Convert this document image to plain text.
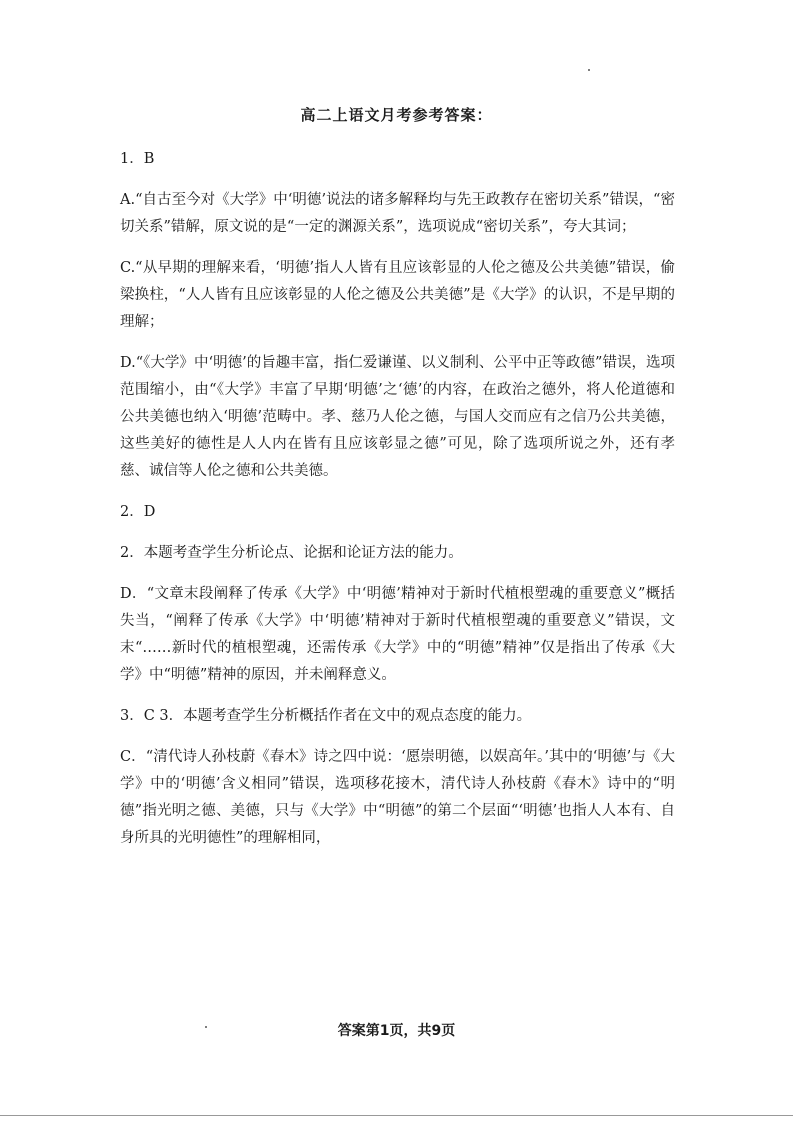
高二上语文月考参考答案：

1．B

A.“自古至今对《大学》中‘明德’说法的诸多解释均与先王政教存在密切关系”错误，“密切关系”错解，原文说的是“一定的渊源关系”，选项说成“密切关系”，夸大其词；

C.“从早期的理解来看，‘明德’指人人皆有且应该彰显的人伦之德及公共美德”错误，偷梁换柱，“人人皆有且应该彰显的人伦之德及公共美德”是《大学》的认识，不是早期的理解；

D.“《大学》中‘明德’的旨趣丰富，指仁爱谦谨、以义制利、公平中正等政德”错误，选项范围缩小，由“《大学》丰富了早期‘明德’之‘德’的内容，在政治之德外，将人伦道德和公共美德也纳入‘明德’范畴中。孝、慈乃人伦之德，与国人交而应有之信乃公共美德，这些美好的德性是人人内在皆有且应该彰显之德”可见，除了选项所说之外，还有孝慈、诚信等人伦之德和公共美德。

2．D

2．本题考查学生分析论点、论据和论证方法的能力。

D．“文章末段阐释了传承《大学》中‘明德’精神对于新时代植根塑魂的重要意义”概括失当，“阐释了传承《大学》中‘明德’精神对于新时代植根塑魂的重要意义”错误，文末“……新时代的植根塑魂，还需传承《大学》中的“明德”精神”仅是指出了传承《大学》中“明德”精神的原因，并未阐释意义。

3．C 3．本题考查学生分析概括作者在文中的观点态度的能力。

C．“清代诗人孙枝蔚《春木》诗之四中说：‘愿崇明德，以娱高年。’其中的‘明德’与《大学》中的‘明德’含义相同”错误，选项移花接木，清代诗人孙枝蔚《春木》诗中的“明德”指光明之德、美德，只与《大学》中“明德”的第二个层面“‘明德’也指人人本有、自身所具的光明德性”的理解相同，

答案第1页，共9页
